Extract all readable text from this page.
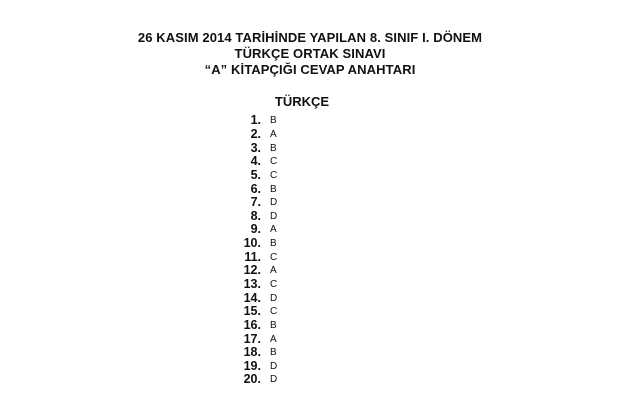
26 KASIM 2014 TARİHİNDE YAPILAN 8. SINIF I. DÖNEM
TÜRKÇE ORTAK SINAVI
“A” KİTAPÇIĞI CEVAP ANAHTARI
TÜRKÇE
1. B
2. A
3. B
4. C
5. C
6. B
7. D
8. D
9. A
10. B
11. C
12. A
13. C
14. D
15. C
16. B
17. A
18. B
19. D
20. D
